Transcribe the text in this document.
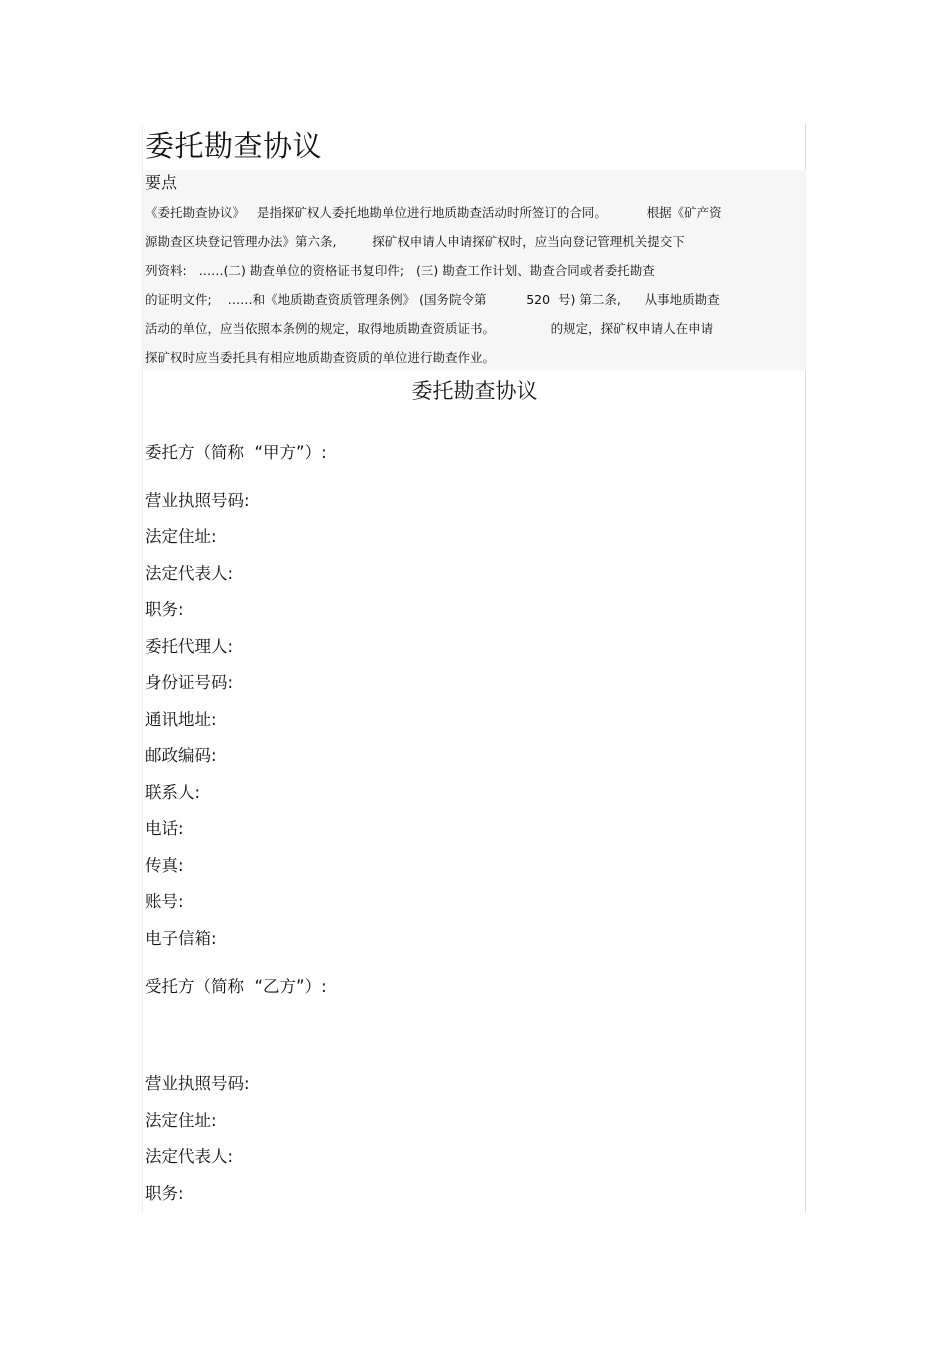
委托勘查协议
要点
《委托勘查协议》   是指探矿权人委托地勘单位进行地质勘查活动时所签订的合同。          根据《矿产资
源勘查区块登记管理办法》第六条,         探矿权申请人申请探矿权时，应当向登记管理机关提交下
列资料:   ……(二) 勘查单位的资格证书复印件;   (三) 勘查工作计划、勘查合同或者委托勘查
的证明文件;    ……和《地质勘查资质管理条例》 (国务院令第          520  号) 第二条,      从事地质勘查
活动的单位，应当依照本条例的规定，取得地质勘查资质证书。              的规定，探矿权申请人在申请
探矿权时应当委托具有相应地质勘查资质的单位进行勘查作业。
委托勘查协议
委托方（简称  “甲方”）:
营业执照号码:
法定住址:
法定代表人:
职务:
委托代理人:
身份证号码:
通讯地址:
邮政编码:
联系人:
电话:
传真:
账号:
电子信箱:
受托方（简称  “乙方”）:
营业执照号码:
法定住址:
法定代表人:
职务:
